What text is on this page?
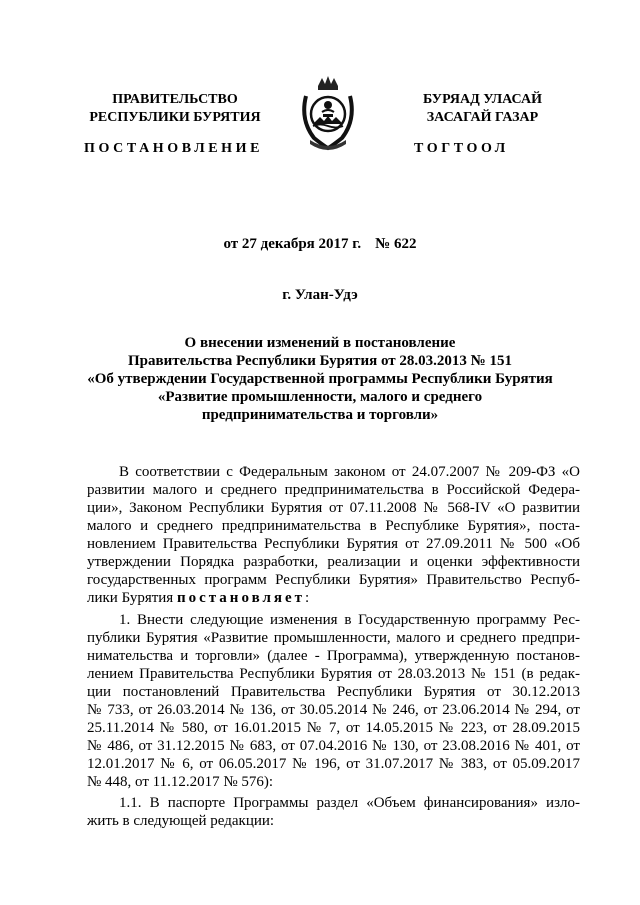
ПРАВИТЕЛЬСТВО
РЕСПУБЛИКИ БУРЯТИЯ
БУРЯАД УЛАСАЙ
ЗАСАГАЙ ГАЗАР
ПОСТАНОВЛЕНИЕ	ТОГТООЛ
от 27 декабря 2017 г. № 622
г. Улан-Удэ
О внесении изменений в постановление
Правительства Республики Бурятия от 28.03.2013 № 151
«Об утверждении Государственной программы Республики Бурятия
«Развитие промышленности, малого и среднего
предпринимательства и торговли»
В соответствии с Федеральным законом от 24.07.2007 № 209-ФЗ «О
развитии малого и среднего предпринимательства в Российской Федера-
ции», Законом Республики Бурятия от 07.11.2008 № 568-IV «О развитии
малого и среднего предпринимательства в Республике Бурятия», поста-
новлением Правительства Республики Бурятия от 27.09.2011 № 500 «Об
утверждении Порядка разработки, реализации и оценки эффективности
государственных программ Республики Бурятия» Правительство Респуб-
лики Бурятия постановляет:
1. Внести следующие изменения в Государственную программу Рес-
публики Бурятия «Развитие промышленности, малого и среднего предпри-
нимательства и торговли» (далее - Программа), утвержденную постанов-
лением Правительства Республики Бурятия от 28.03.2013 № 151 (в редак-
ции постановлений Правительства Республики Бурятия от 30.12.2013
№ 733, от 26.03.2014 № 136, от 30.05.2014 № 246, от 23.06.2014 № 294, от
25.11.2014 № 580, от 16.01.2015 № 7, от 14.05.2015 № 223, от 28.09.2015
№ 486, от 31.12.2015 № 683, от 07.04.2016 № 130, от 23.08.2016 № 401, от
12.01.2017 № 6, от 06.05.2017 № 196, от 31.07.2017 № 383, от 05.09.2017
№ 448, от 11.12.2017 № 576):
1.1. В паспорте Программы раздел «Объем финансирования» изло-
жить в следующей редакции:
